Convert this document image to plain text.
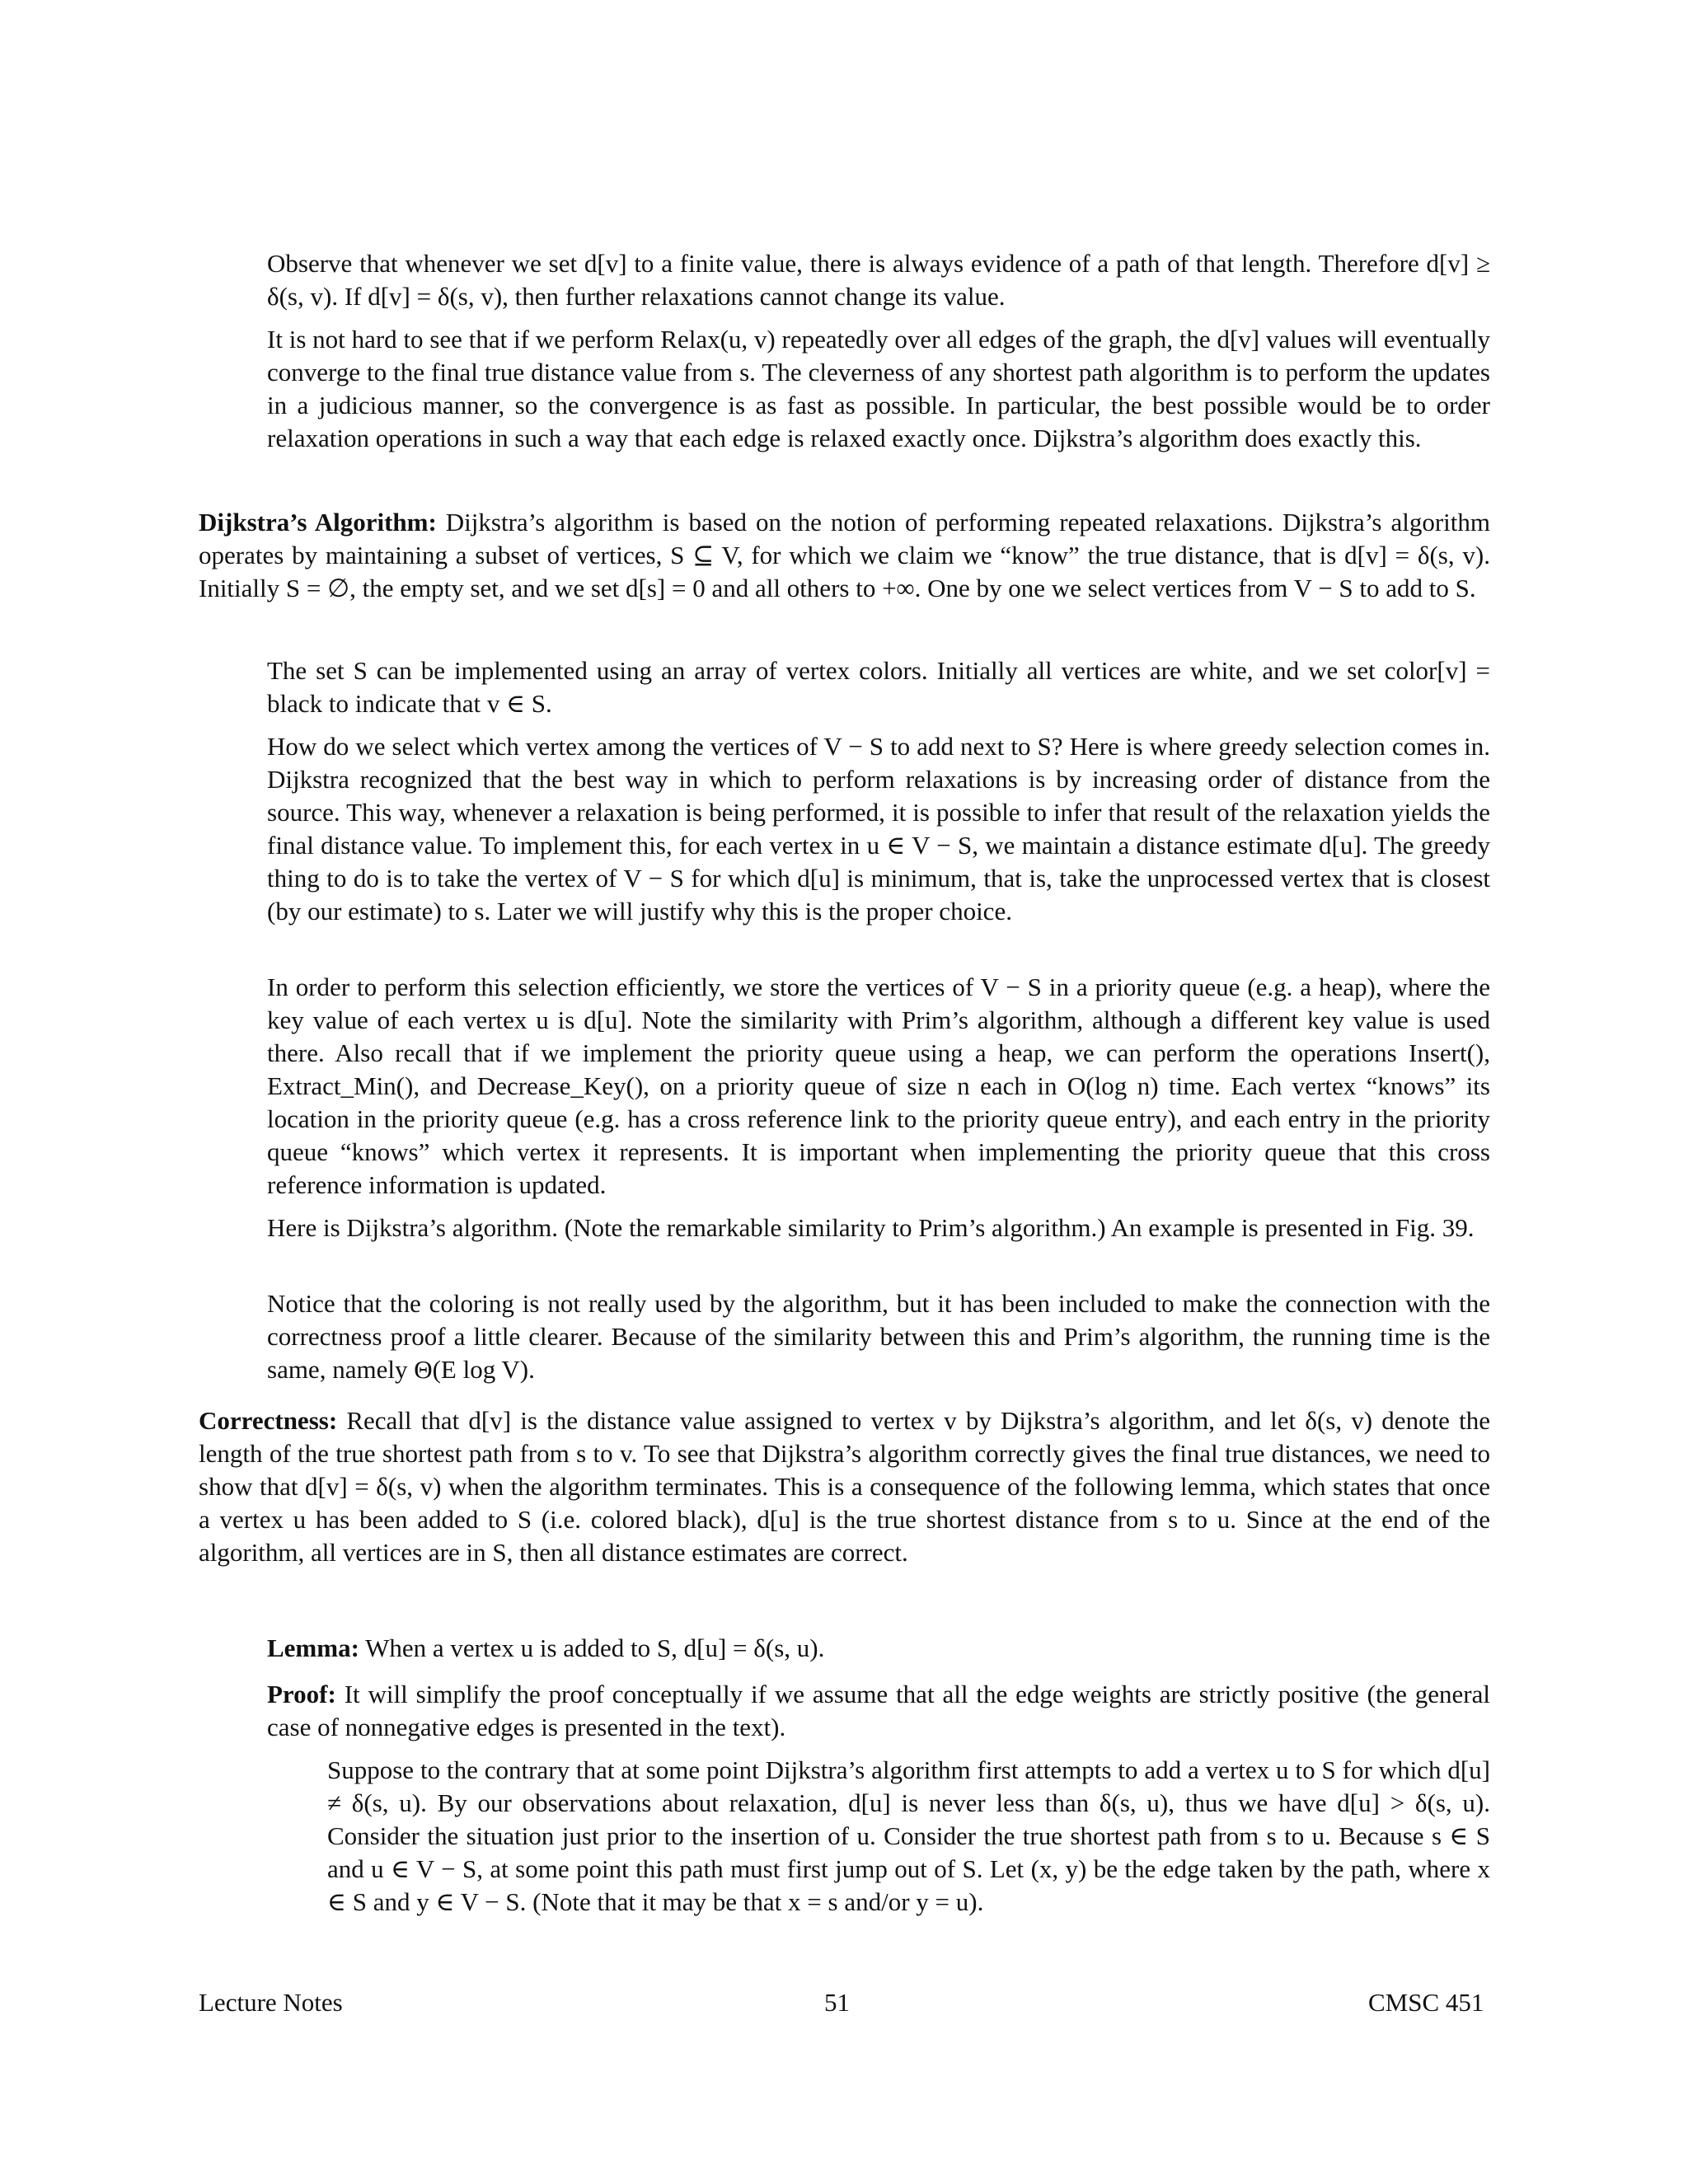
Observe that whenever we set d[v] to a finite value, there is always evidence of a path of that length. Therefore d[v] ≥ δ(s, v). If d[v] = δ(s, v), then further relaxations cannot change its value.

It is not hard to see that if we perform Relax(u, v) repeatedly over all edges of the graph, the d[v] values will eventually converge to the final true distance value from s. The cleverness of any shortest path algorithm is to perform the updates in a judicious manner, so the convergence is as fast as possible. In particular, the best possible would be to order relaxation operations in such a way that each edge is relaxed exactly once. Dijkstra’s algorithm does exactly this.

Dijkstra’s Algorithm: Dijkstra’s algorithm is based on the notion of performing repeated relaxations. Dijkstra’s algorithm operates by maintaining a subset of vertices, S ⊆ V, for which we claim we “know” the true distance, that is d[v] = δ(s, v). Initially S = ∅, the empty set, and we set d[s] = 0 and all others to +∞. One by one we select vertices from V − S to add to S.

The set S can be implemented using an array of vertex colors. Initially all vertices are white, and we set color[v] = black to indicate that v ∈ S.

How do we select which vertex among the vertices of V − S to add next to S? Here is where greedy selection comes in. Dijkstra recognized that the best way in which to perform relaxations is by increasing order of distance from the source. This way, whenever a relaxation is being performed, it is possible to infer that result of the relaxation yields the final distance value. To implement this, for each vertex in u ∈ V − S, we maintain a distance estimate d[u]. The greedy thing to do is to take the vertex of V − S for which d[u] is minimum, that is, take the unprocessed vertex that is closest (by our estimate) to s. Later we will justify why this is the proper choice.

In order to perform this selection efficiently, we store the vertices of V − S in a priority queue (e.g. a heap), where the key value of each vertex u is d[u]. Note the similarity with Prim’s algorithm, although a different key value is used there. Also recall that if we implement the priority queue using a heap, we can perform the operations Insert(), Extract_Min(), and Decrease_Key(), on a priority queue of size n each in O(log n) time. Each vertex “knows” its location in the priority queue (e.g. has a cross reference link to the priority queue entry), and each entry in the priority queue “knows” which vertex it represents. It is important when implementing the priority queue that this cross reference information is updated.

Here is Dijkstra’s algorithm. (Note the remarkable similarity to Prim’s algorithm.) An example is presented in Fig. 39.

Notice that the coloring is not really used by the algorithm, but it has been included to make the connection with the correctness proof a little clearer. Because of the similarity between this and Prim’s algorithm, the running time is the same, namely Θ(E log V).

Correctness: Recall that d[v] is the distance value assigned to vertex v by Dijkstra’s algorithm, and let δ(s, v) denote the length of the true shortest path from s to v. To see that Dijkstra’s algorithm correctly gives the final true distances, we need to show that d[v] = δ(s, v) when the algorithm terminates. This is a consequence of the following lemma, which states that once a vertex u has been added to S (i.e. colored black), d[u] is the true shortest distance from s to u. Since at the end of the algorithm, all vertices are in S, then all distance estimates are correct.

Lemma: When a vertex u is added to S, d[u] = δ(s, u).

Proof: It will simplify the proof conceptually if we assume that all the edge weights are strictly positive (the general case of nonnegative edges is presented in the text).

Suppose to the contrary that at some point Dijkstra’s algorithm first attempts to add a vertex u to S for which d[u] ≠ δ(s, u). By our observations about relaxation, d[u] is never less than δ(s, u), thus we have d[u] > δ(s, u). Consider the situation just prior to the insertion of u. Consider the true shortest path from s to u. Because s ∈ S and u ∈ V − S, at some point this path must first jump out of S. Let (x, y) be the edge taken by the path, where x ∈ S and y ∈ V − S. (Note that it may be that x = s and/or y = u).

Lecture Notes	51	CMSC 451
